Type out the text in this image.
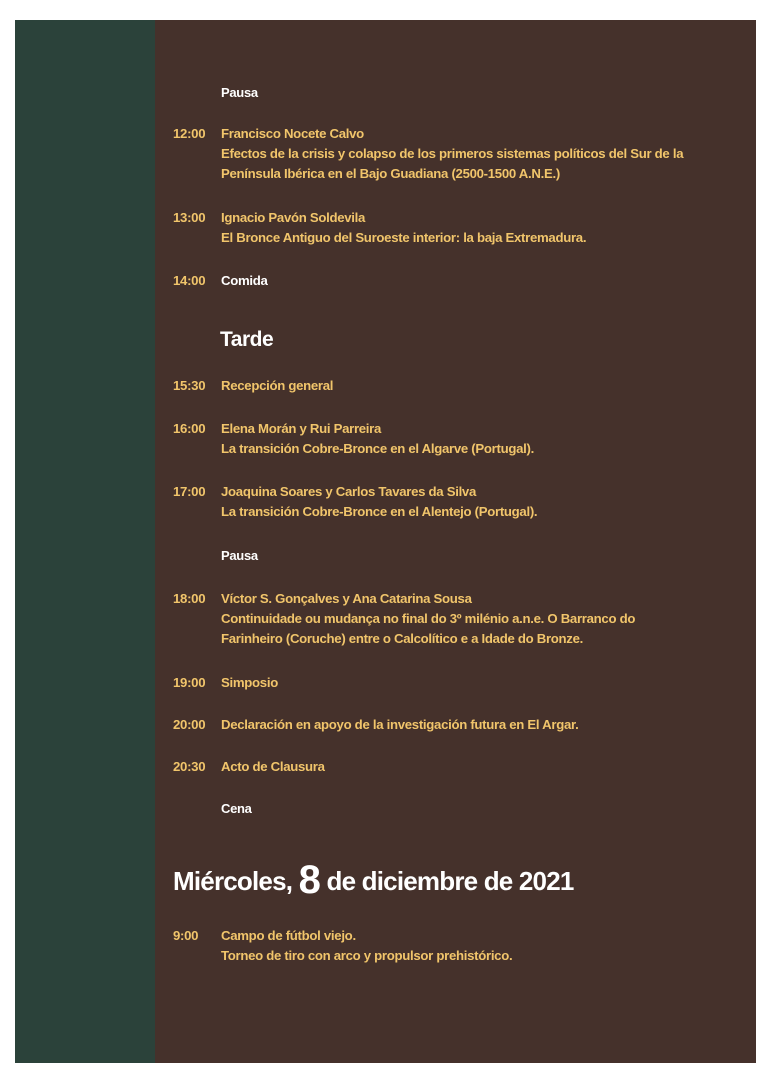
Pausa
12:00	Francisco Nocete Calvo
Efectos de la crisis y colapso de los primeros sistemas políticos del Sur de la
Península Ibérica en el Bajo Guadiana (2500-1500 A.N.E.)
13:00	Ignacio Pavón Soldevila
El Bronce Antiguo del Suroeste interior: la baja Extremadura.
14:00	Comida
Tarde
15:30	Recepción general
16:00	Elena Morán y Rui Parreira
La transición Cobre-Bronce en el Algarve (Portugal).
17:00	Joaquina Soares y Carlos Tavares da Silva
La transición Cobre-Bronce en el Alentejo (Portugal).
Pausa
18:00	Víctor S. Gonçalves y Ana Catarina Sousa
Continuidade ou mudança no final do 3º milénio a.n.e. O Barranco do
Farinheiro (Coruche) entre o Calcolítico e a Idade do Bronze.
19:00	Simposio
20:00	Declaración en apoyo de la investigación futura en El Argar.
20:30	Acto de Clausura
Cena
Miércoles, 8 de diciembre de 2021
9:00	Campo de fútbol viejo.
Torneo de tiro con arco y propulsor prehistórico.
